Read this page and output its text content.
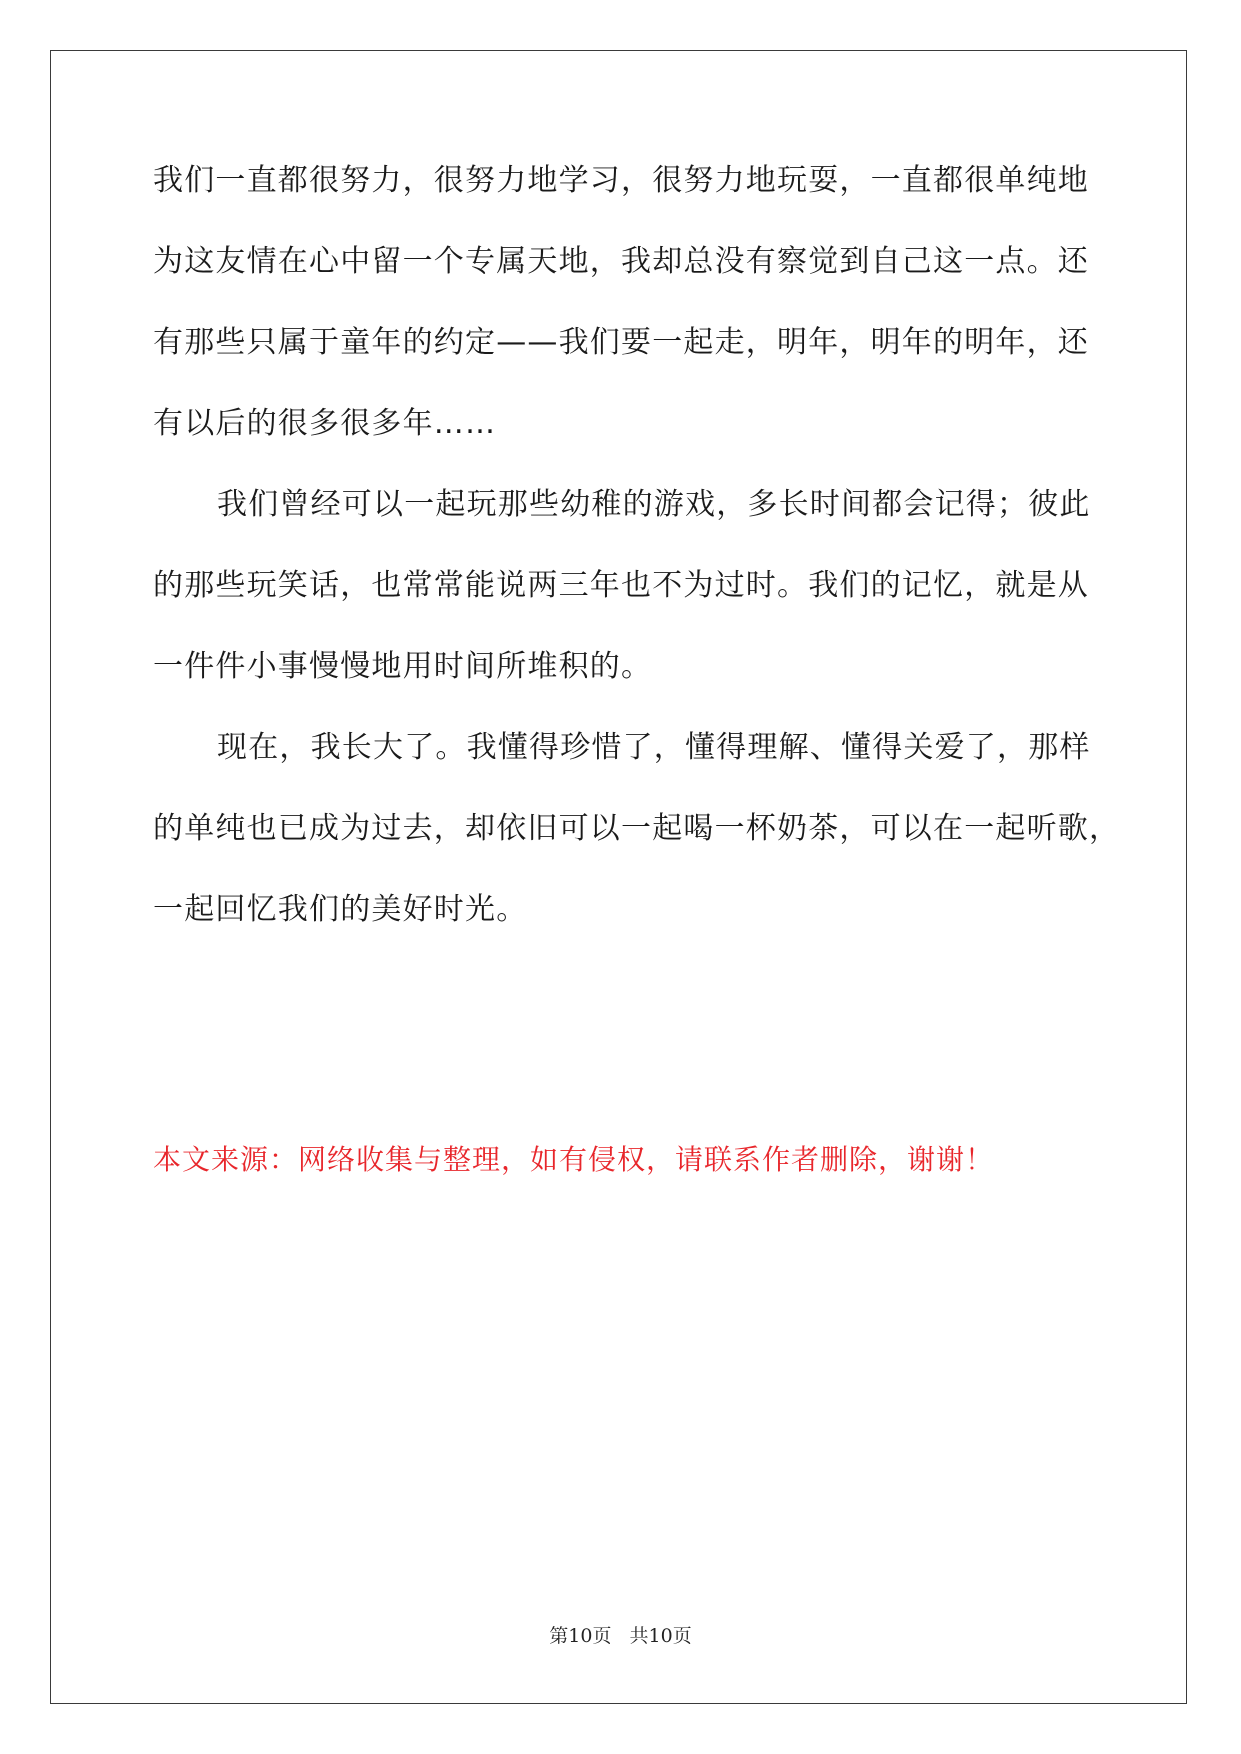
我们一直都很努力，很努力地学习，很努力地玩耍，一直都很单纯地
为这友情在心中留一个专属天地，我却总没有察觉到自己这一点。还
有那些只属于童年的约定——我们要一起走，明年，明年的明年，还
有以后的很多很多年……
我们曾经可以一起玩那些幼稚的游戏，多长时间都会记得；彼此
的那些玩笑话，也常常能说两三年也不为过时。我们的记忆，就是从
一件件小事慢慢地用时间所堆积的。
现在，我长大了。我懂得珍惜了，懂得理解、懂得关爱了，那样
的单纯也已成为过去，却依旧可以一起喝一杯奶茶，可以在一起听歌，
一起回忆我们的美好时光。
本文来源：网络收集与整理，如有侵权，请联系作者删除，谢谢！
第10页 共10页
